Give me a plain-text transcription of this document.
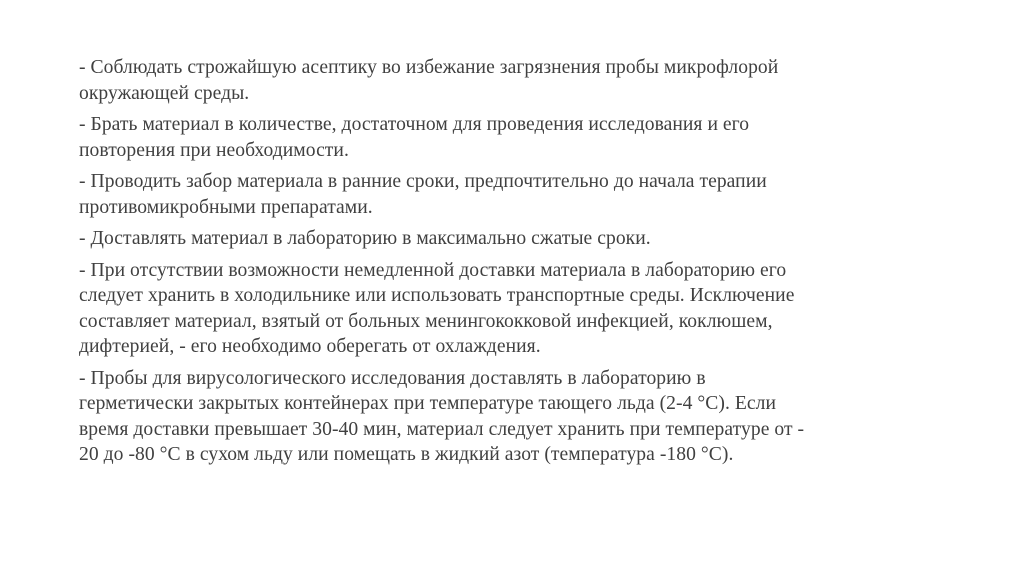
- Соблюдать строжайшую асептику во избежание загрязнения пробы микрофлорой
окружающей среды.

- Брать материал в количестве, достаточном для проведения исследования и его
повторения при необходимости.

- Проводить забор материала в ранние сроки, предпочтительно до начала терапии
противомикробными препаратами.

- Доставлять материал в лабораторию в максимально сжатые сроки.

- При отсутствии возможности немедленной доставки материала в лабораторию его
следует хранить в холодильнике или использовать транспортные среды. Исключение
составляет материал, взятый от больных менингококковой инфекцией, коклюшем,
дифтерией, - его необходимо оберегать от охлаждения.

- Пробы для вирусологического исследования доставлять в лабораторию в
герметически закрытых контейнерах при температуре тающего льда (2-4 °С). Если
время доставки превышает 30-40 мин, материал следует хранить при температуре от -
20 до -80 °С в сухом льду или помещать в жидкий азот (температура -180 °С).
